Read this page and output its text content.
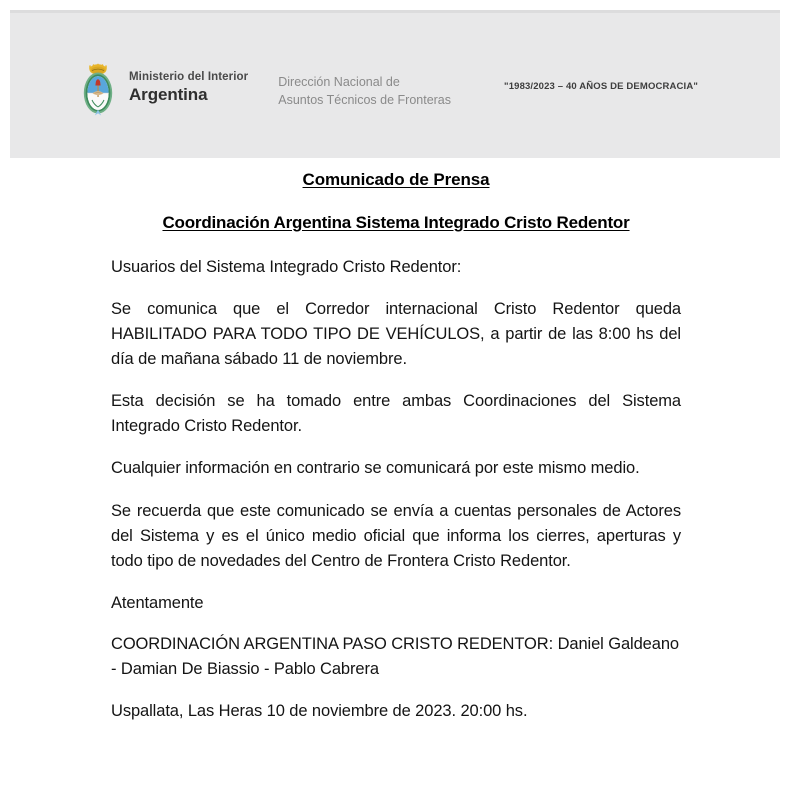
Ministerio del Interior
Argentina
Dirección Nacional de
Asuntos Técnicos de Fronteras
"1983/2023 – 40 AÑOS DE DEMOCRACIA"
Comunicado de Prensa
Coordinación Argentina Sistema Integrado Cristo Redentor

Usuarios del Sistema Integrado Cristo Redentor:

Se comunica que el Corredor internacional Cristo Redentor queda HABILITADO PARA TODO TIPO DE VEHÍCULOS, a partir de las 8:00 hs del día de mañana sábado 11 de noviembre.

Esta decisión se ha tomado entre ambas Coordinaciones del Sistema Integrado Cristo Redentor.

Cualquier información en contrario se comunicará por este mismo medio.

Se recuerda que este comunicado se envía a cuentas personales de Actores del Sistema y es el único medio oficial que informa los cierres, aperturas y todo tipo de novedades del Centro de Frontera Cristo Redentor.

Atentamente

COORDINACIÓN ARGENTINA PASO CRISTO REDENTOR: Daniel Galdeano - Damian De Biassio - Pablo Cabrera

Uspallata, Las Heras 10 de noviembre de 2023. 20:00 hs.
